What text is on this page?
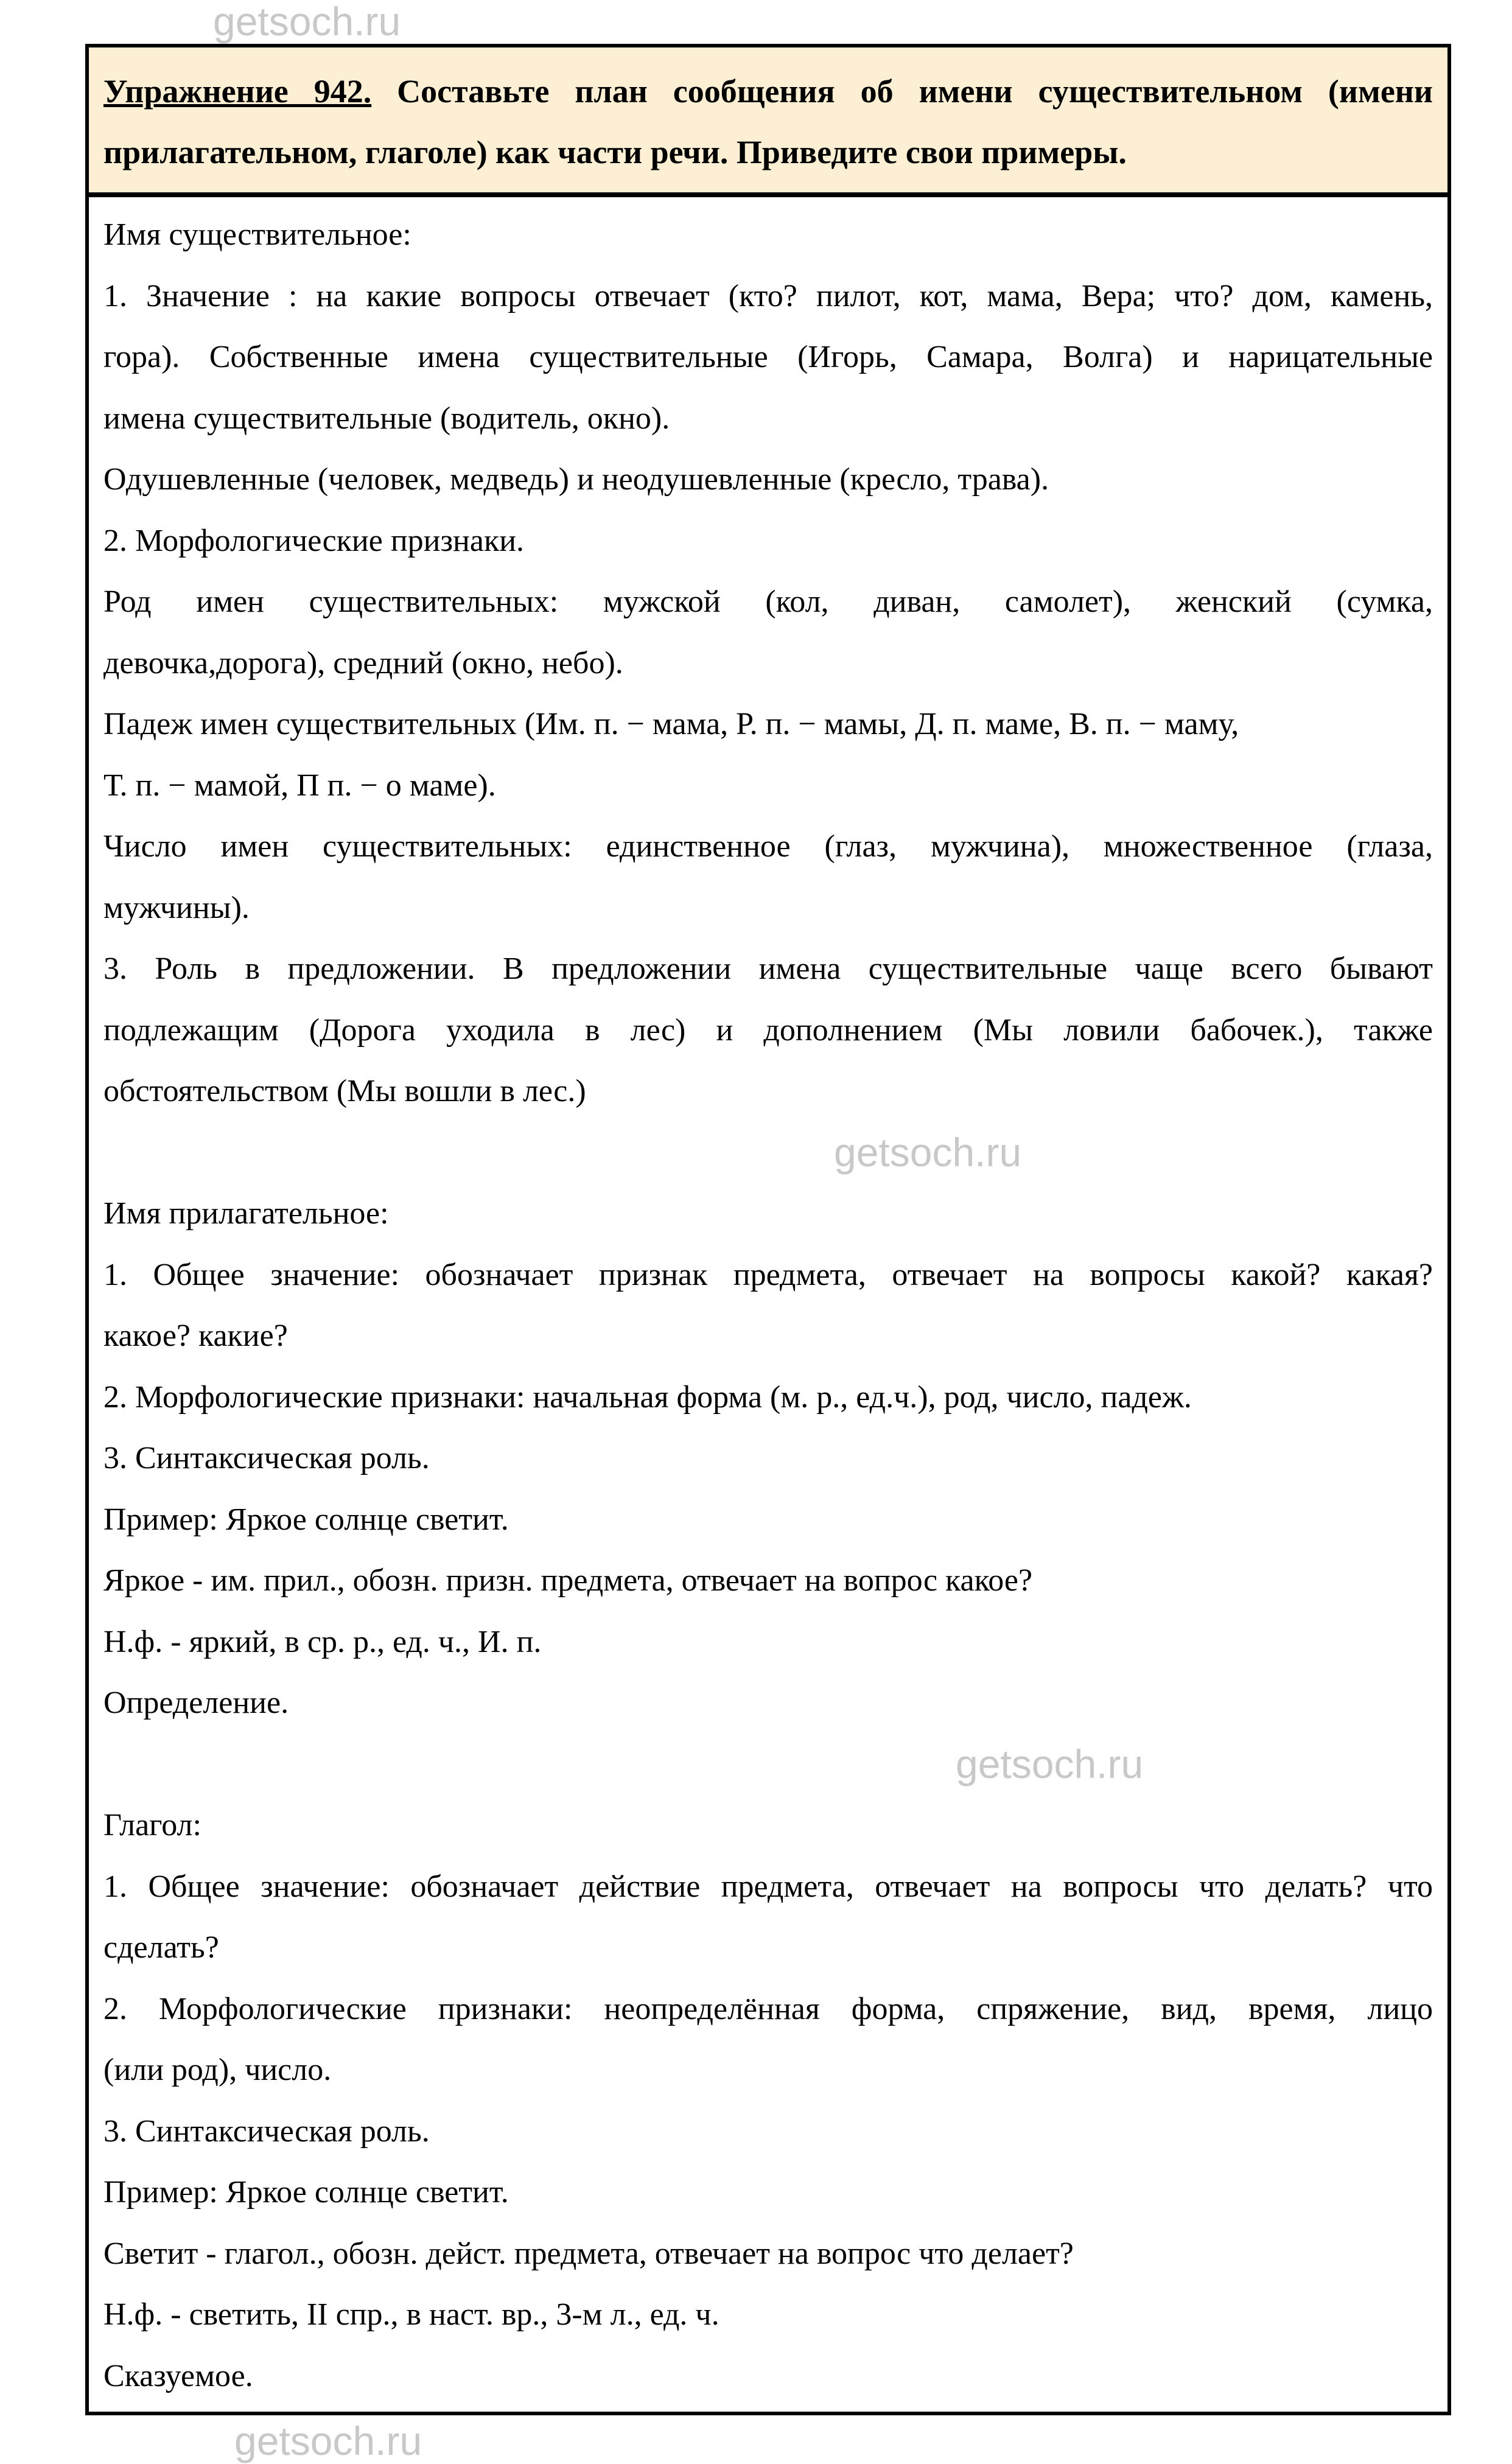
getsoch.ru
Упражнение 942. Составьте план сообщения об имени существительном (имени прилагательном, глаголе) как части речи. Приведите свои примеры.
Имя существительное:
1. Значение : на какие вопросы отвечает (кто? пилот, кот, мама, Вера; что? дом, камень,
гора). Собственные имена существительные (Игорь, Самара, Волга) и нарицательные
имена существительные (водитель, окно).
Одушевленные (человек, медведь) и неодушевленные (кресло, трава).
2. Морфологические признаки.
Род имен существительных: мужской (кол, диван, самолет), женский (сумка,
девочка,дорога), средний (окно, небо).
Падеж имен существительных (Им. п. − мама, Р. п. − мамы, Д. п. маме, В. п. − маму,
Т. п. − мамой, П п. − о маме).
Число имен существительных: единственное (глаз, мужчина), множественное (глаза,
мужчины).
3. Роль в предложении. В предложении имена существительные чаще всего бывают
подлежащим (Дорога уходила в лес) и дополнением (Мы ловили бабочек.), также
обстоятельством (Мы вошли в лес.)
getsoch.ru
Имя прилагательное:
1. Общее значение: обозначает признак предмета, отвечает на вопросы какой? какая?
какое? какие?
2. Морфологические признаки: начальная форма (м. р., ед.ч.), род, число, падеж.
3. Синтаксическая роль.
Пример: Яркое солнце светит.
Яркое - им. прил., обозн. призн. предмета, отвечает на вопрос какое?
Н.ф. - яркий, в ср. р., ед. ч., И. п.
Определение.
getsoch.ru
Глагол:
1. Общее значение: обозначает действие предмета, отвечает на вопросы что делать? что
сделать?
2. Морфологические признаки: неопределённая форма, спряжение, вид, время, лицо
(или род), число.
3. Синтаксическая роль.
Пример: Яркое солнце светит.
Светит - глагол., обозн. дейст. предмета, отвечает на вопрос что делает?
Н.ф. - светить, II спр., в наст. вр., 3-м л., ед. ч.
Сказуемое.
getsoch.ru
